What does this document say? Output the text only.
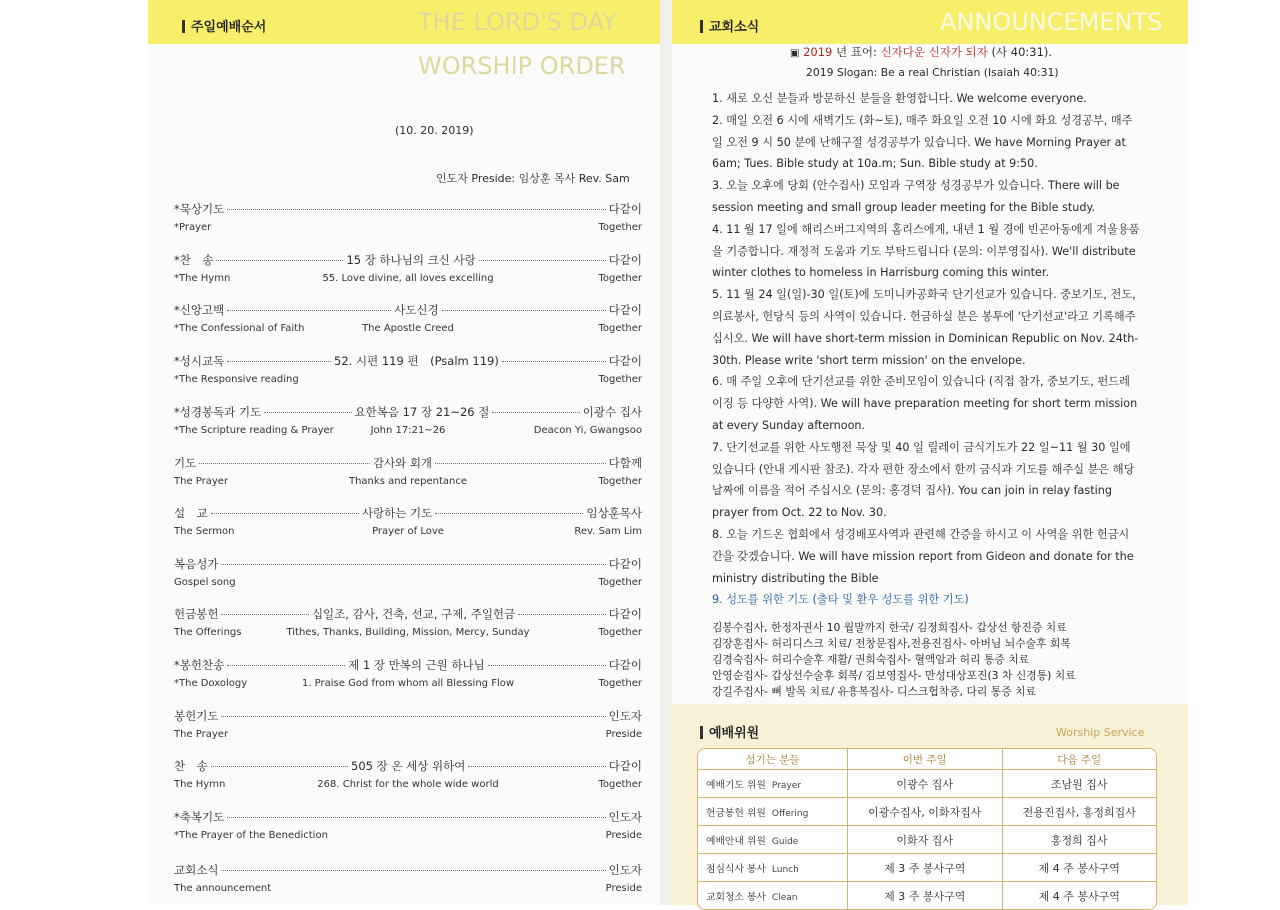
주일예배순서	THE LORD'S DAY
WORSHIP ORDER
교회소식	ANNOUNCEMENTS
(10. 20. 2019)
인도자 Preside: 임상훈 목사 Rev. Sam
*묵상기도	다같이
*Prayer	Together
*찬　송	15 장 하나님의 크신 사랑	다같이
*The Hymn	55. Love divine, all loves excelling	Together
*신앙고백	사도신경	다같이
*The Confessional of Faith	The Apostle Creed	Together
*성시교독	52. 시편 119 편　(Psalm 119)	다같이
*The Responsive reading	Together
*성경봉독과 기도	요한복음 17 장 21~26 절	이광수 집사
*The Scripture reading & Prayer	John 17:21~26	Deacon Yi, Gwangsoo
기도	감사와 회개	다함께
The Prayer	Thanks and repentance	Together
설　교	사랑하는 기도	임상훈목사
The Sermon	Prayer of Love	Rev. Sam Lim
복음성가	다같이
Gospel song	Together
헌금봉헌	십일조, 감사, 건축, 선교, 구제, 주일헌금	다같이
The Offerings	Tithes, Thanks, Building, Mission, Mercy, Sunday	Together
*봉헌찬송	제 1 장 만복의 근원 하나님	다같이
*The Doxology	1. Praise God from whom all Blessing Flow	Together
봉헌기도	인도자
The Prayer	Preside
찬　송	505 장 온 세상 위하여	다같이
The Hymn	268. Christ for the whole wide world	Together
*축복기도	인도자
*The Prayer of the Benediction	Preside
교회소식	인도자
The announcement	Preside
▣ 2019 년 표어: 신자다운 신자가 되자 (사 40:31).
2019 Slogan: Be a real Christian (Isaiah 40:31)
1. 새로 오신 분들과 방문하신 분들을 환영합니다. We welcome everyone.
2. 매일 오전 6 시에 새벽기도 (화~토), 매주 화요일 오전 10 시에 화요 성경공부, 매주일 오전 9 시 50 분에 난해구절 성경공부가 있습니다. We have Morning Prayer at 6am; Tues. Bible study at 10a.m; Sun. Bible study at 9:50.
3. 오늘 오후에 당회 (안수집사) 모임과 구역장 성경공부가 있습니다. There will be session meeting and small group leader meeting for the Bible study.
4. 11 월 17 일에 해리스버그지역의 홈리스에게, 내년 1 월 경에 빈곤아동에게 겨울용품을 기증합니다. 재정적 도움과 기도 부탁드립니다 (문의: 이부영집사). We'll distribute winter clothes to homeless in Harrisburg coming this winter.
5. 11 월 24 일(일)-30 일(토)에 도미니카공화국 단기선교가 있습니다. 중보기도, 전도, 의료봉사, 헌당식 등의 사역이 있습니다. 헌금하실 분은 봉투에 '단기선교'라고 기록해주십시오. We will have short-term mission in Dominican Republic on Nov. 24th-30th. Please write 'short term mission' on the envelope.
6. 매 주일 오후에 단기선교를 위한 준비모임이 있습니다 (직접 참가, 중보기도, 펀드레이징 등 다양한 사역). We will have preparation meeting for short term mission at every Sunday afternoon.
7. 단기선교를 위한 사도행전 묵상 및 40 일 릴레이 금식기도가 22 일~11 월 30 일에 있습니다 (안내 게시판 참조). 각자 편한 장소에서 한끼 금식과 기도를 해주실 분은 해당 날짜에 이름을 적어 주십시오 (문의: 홍경덕 집사). You can join in relay fasting prayer from Oct. 22 to Nov. 30.
8. 오늘 기드온 협회에서 성경배포사역과 관련해 간증을 하시고 이 사역을 위한 헌금시간을 갖겠습니다. We will have mission report from Gideon and donate for the ministry distributing the Bible
9. 성도를 위한 기도 (출타 및 환우 성도를 위한 기도)
김봉수집사, 한정자권사 10 월말까지 한국/ 김정희집사- 갑상선 항진증 치료
김장훈집사- 허리디스크 치료/ 전창문집사,전용진집사- 아버님 뇌수술후 회복
김경숙집사- 허리수술후 재활/ 권희숙집사- 혈액암과 허리 통증 치료
안영순집사- 갑상선수술후 회복/ 김보영집사- 만성대상포진(3 차 신경통) 치료
강길주집사- 뼈 발목 치료/ 유흥복집사- 디스크협착증, 다리 통증 치료
예배위원	Worship Service
섬기는 분들	이번 주일	다음 주일
예배기도 위원 Prayer	이광수 집사	조남원 집사
헌금봉헌 위원 Offering	이광수집사, 이화자집사	전용진집사, 홍정희집사
예배안내 위원 Guide	이화자 집사	홍정희 집사
점심식사 봉사 Lunch	제 3 주 봉사구역	제 4 주 봉사구역
교회청소 봉사 Clean	제 3 주 봉사구역	제 4 주 봉사구역
